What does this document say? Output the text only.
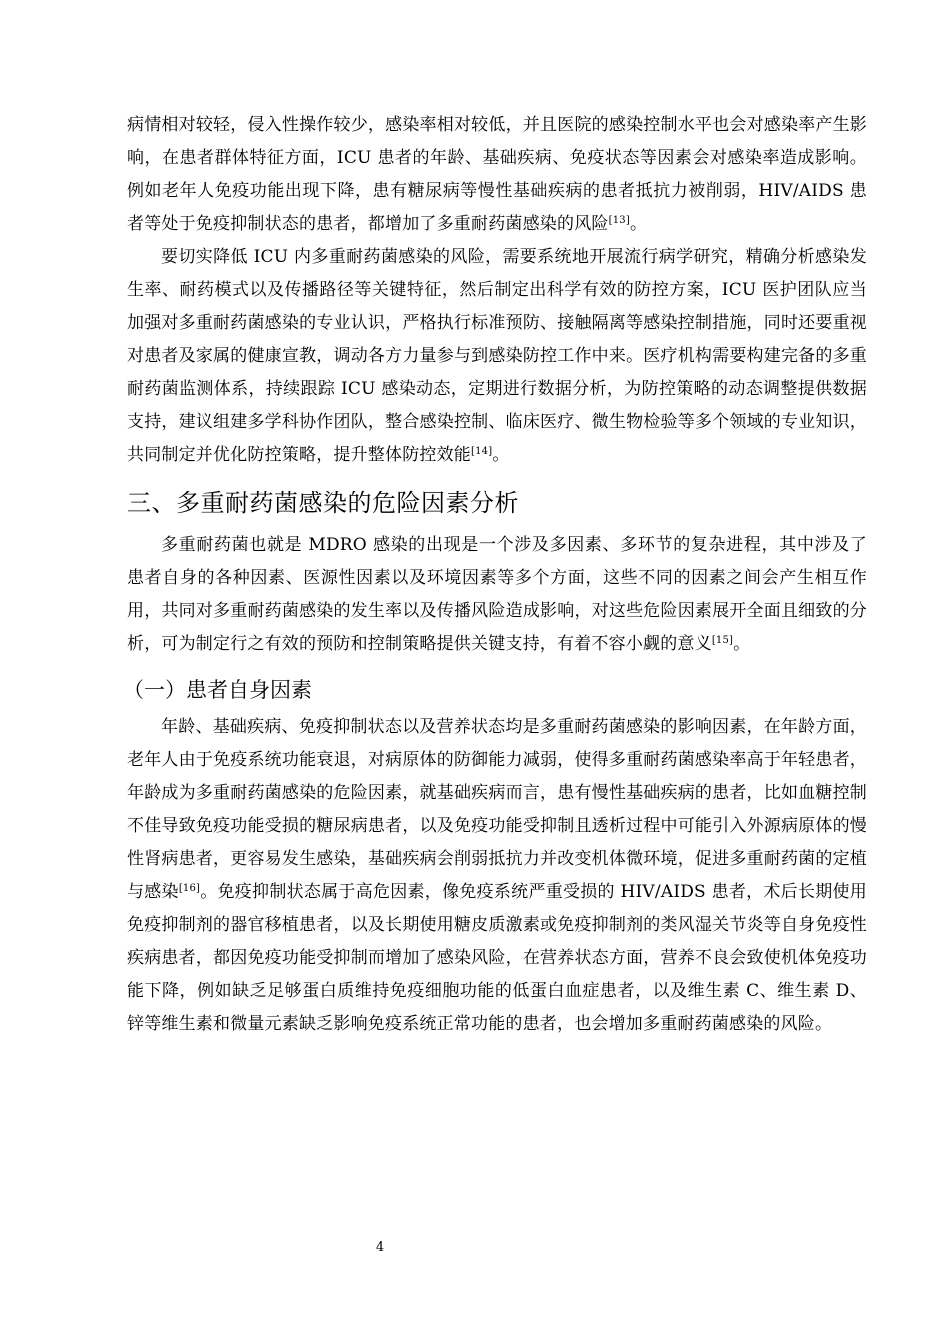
病情相对较轻，侵入性操作较少，感染率相对较低，并且医院的感染控制水平也会对感染率产生影响，在患者群体特征方面，ICU 患者的年龄、基础疾病、免疫状态等因素会对感染率造成影响。例如老年人免疫功能出现下降，患有糖尿病等慢性基础疾病的患者抵抗力被削弱，HIV/AIDS 患者等处于免疫抑制状态的患者，都增加了多重耐药菌感染的风险[13]。

要切实降低 ICU 内多重耐药菌感染的风险，需要系统地开展流行病学研究，精确分析感染发生率、耐药模式以及传播路径等关键特征，然后制定出科学有效的防控方案，ICU 医护团队应当加强对多重耐药菌感染的专业认识，严格执行标准预防、接触隔离等感染控制措施，同时还要重视对患者及家属的健康宣教，调动各方力量参与到感染防控工作中来。医疗机构需要构建完备的多重耐药菌监测体系，持续跟踪 ICU 感染动态，定期进行数据分析，为防控策略的动态调整提供数据支持，建议组建多学科协作团队，整合感染控制、临床医疗、微生物检验等多个领域的专业知识，共同制定并优化防控策略，提升整体防控效能[14]。

三、多重耐药菌感染的危险因素分析

多重耐药菌也就是 MDRO 感染的出现是一个涉及多因素、多环节的复杂进程，其中涉及了患者自身的各种因素、医源性因素以及环境因素等多个方面，这些不同的因素之间会产生相互作用，共同对多重耐药菌感染的发生率以及传播风险造成影响，对这些危险因素展开全面且细致的分析，可为制定行之有效的预防和控制策略提供关键支持，有着不容小觑的意义[15]。

（一）患者自身因素

年龄、基础疾病、免疫抑制状态以及营养状态均是多重耐药菌感染的影响因素，在年龄方面，老年人由于免疫系统功能衰退，对病原体的防御能力减弱，使得多重耐药菌感染率高于年轻患者，年龄成为多重耐药菌感染的危险因素，就基础疾病而言，患有慢性基础疾病的患者，比如血糖控制不佳导致免疫功能受损的糖尿病患者，以及免疫功能受抑制且透析过程中可能引入外源病原体的慢性肾病患者，更容易发生感染，基础疾病会削弱抵抗力并改变机体微环境，促进多重耐药菌的定植与感染[16]。免疫抑制状态属于高危因素，像免疫系统严重受损的 HIV/AIDS 患者，术后长期使用免疫抑制剂的器官移植患者，以及长期使用糖皮质激素或免疫抑制剂的类风湿关节炎等自身免疫性疾病患者，都因免疫功能受抑制而增加了感染风险，在营养状态方面，营养不良会致使机体免疫功能下降，例如缺乏足够蛋白质维持免疫细胞功能的低蛋白血症患者，以及维生素 C、维生素 D、锌等维生素和微量元素缺乏影响免疫系统正常功能的患者，也会增加多重耐药菌感染的风险。

4
